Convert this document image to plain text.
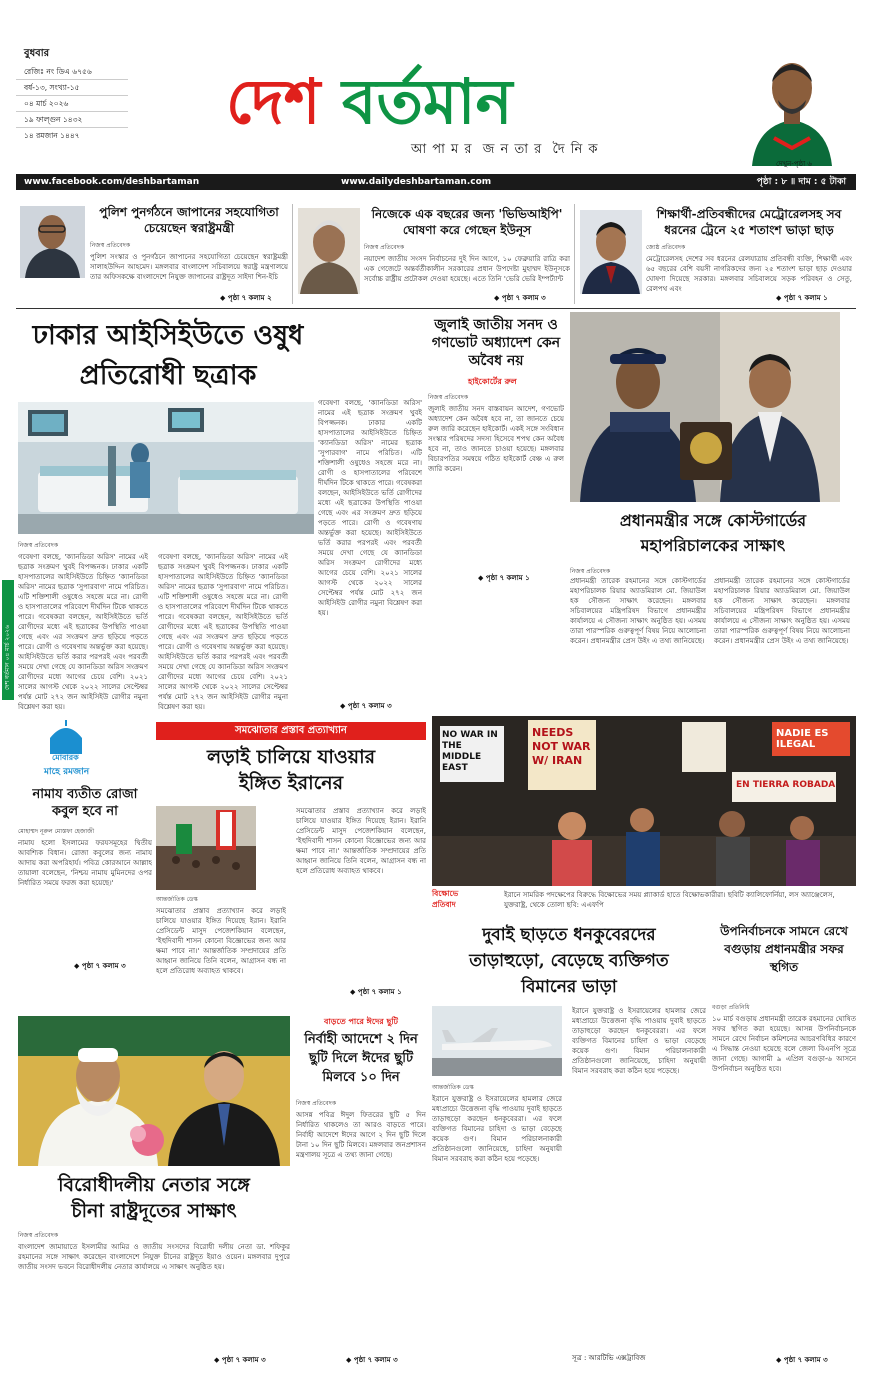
বুধবার
রেজিঃ নং ডিএ ৬৭৫৬
বর্ষ-১৩, সংখ্যা-১৫
০৪ মার্চ ২০২৬
১৯ ফাল্গুন ১৪৩২
১৪ রমজান ১৪৪৭	দেশ বর্তমান
আ পা ম র  জ ন তা র  দৈ নি ক
দেখুন-পৃষ্ঠা ৬
www.facebook.com/deshbartaman	www.dailydeshbartaman.com	পৃষ্ঠা : ৮ ॥ দাম : ৫ টাকা
পুলিশ পুনর্গঠনে জাপানের সহযোগিতা চেয়েছেন স্বরাষ্ট্রমন্ত্রী
নিজস্ব প্রতিবেদক
পুলিশ সংস্কার ও পুনর্গঠনে জাপানের সহযোগিতা চেয়েছেন স্বরাষ্ট্রমন্ত্রী সালাহউদ্দিন আহমেদ। মঙ্গলবার বাংলাদেশ সচিবালয়ে স্বরাষ্ট্র মন্ত্রণালয়ে তার অফিসকক্ষে বাংলাদেশে নিযুক্ত জাপানের রাষ্ট্রদূত সাইদা শিন-ইচি
◆ পৃষ্ঠা ৭ কলাম ২
নিজেকে এক বছরের জন্য 'ভিভিআইপি' ঘোষণা করে গেছেন ইউনূস
নিজস্ব প্রতিবেদক
নয়াদেশ জাতীয় সংসদ নির্বাচনের দুই দিন আগে, ১০ ফেব্রুয়ারি রাত্রি করা এক গেজেটে অন্তর্বর্তীকালীন সরকারের প্রধান উপদেষ্টা মুহাম্মদ ইউনূসকে সর্বোচ্চ রাষ্ট্রীয় প্রটোকল দেওয়া হয়েছে। এতে তিনি 'ভেরি ভেরি ইম্পর্ট্যান্ট
◆ পৃষ্ঠা ৭ কলাম ৩
শিক্ষার্থী-প্রতিবন্ধীদের মেট্রোরেলসহ সব ধরনের ট্রেনে ২৫ শতাংশ ভাড়া ছাড়
জ্যেষ্ঠ প্রতিবেদক
মেট্রোরেলসহ দেশের সব ধরনের রেলযাত্রায় প্রতিবন্ধী ব্যক্তি, শিক্ষার্থী এবং ৬৫ বছরের বেশি বয়সী নাগরিকদের জন্য ২৫ শতাংশ ভাড়া ছাড় দেওয়ার ঘোষণা দিয়েছে সরকার। মঙ্গলবার সচিবালয়ে সড়ক পরিবহন ও সেতু, রেলপথ এবং
◆ পৃষ্ঠা ৭ কলাম ১
ঢাকার আইসিইউতে ওষুধ
প্রতিরোধী ছত্রাক
নিজস্ব প্রতিবেদক
গবেষণা বলছে, 'ক্যানডিডা অরিস' নামের এই ছত্রাক সংক্রমণ খুবই বিপজ্জনক। ঢাকার একটি হাসপাতালের আইসিইউতে চিহ্নিত 'ক্যানডিডা অরিস' নামের ছত্রাক 'সুপারবাগ' নামে পরিচিত। এটি শক্তিশালী ওষুধেও সহজে মরে না। রোগী ও হাসপাতালের পরিবেশে দীর্ঘদিন টিকে থাকতে পারে। গবেষকরা বলছেন, আইসিইউতে ভর্তি রোগীদের মধ্যে এই ছত্রাকের উপস্থিতি পাওয়া গেছে এবং এর সংক্রমণ দ্রুত ছড়িয়ে পড়তে পারে। রোগী ও গবেষণায় অন্তর্ভুক্ত করা হয়েছে। আইসিইউতে ভর্তি করার পরপরই এবং পরবর্তী সময়ে দেখা গেছে যে ক্যানডিডা অরিস সংক্রমণ রোগীদের মধ্যে আগের চেয়ে বেশি। ২০২১ সালের আগস্ট থেকে ২০২২ সালের সেপ্টেম্বর পর্যন্ত মোট ২৭২ জন আইসিইউ রোগীর নমুনা বিশ্লেষণ করা হয়।
গবেষণা বলছে, 'ক্যানডিডা অরিস' নামের এই ছত্রাক সংক্রমণ খুবই বিপজ্জনক। ঢাকার একটি হাসপাতালের আইসিইউতে চিহ্নিত 'ক্যানডিডা অরিস' নামের ছত্রাক 'সুপারবাগ' নামে পরিচিত। এটি শক্তিশালী ওষুধেও সহজে মরে না। রোগী ও হাসপাতালের পরিবেশে দীর্ঘদিন টিকে থাকতে পারে। গবেষকরা বলছেন, আইসিইউতে ভর্তি রোগীদের মধ্যে এই ছত্রাকের উপস্থিতি পাওয়া গেছে এবং এর সংক্রমণ দ্রুত ছড়িয়ে পড়তে পারে। রোগী ও গবেষণায় অন্তর্ভুক্ত করা হয়েছে। আইসিইউতে ভর্তি করার পরপরই এবং পরবর্তী সময়ে দেখা গেছে যে ক্যানডিডা অরিস সংক্রমণ রোগীদের মধ্যে আগের চেয়ে বেশি। ২০২১ সালের আগস্ট থেকে ২০২২ সালের সেপ্টেম্বর পর্যন্ত মোট ২৭২ জন আইসিইউ রোগীর নমুনা বিশ্লেষণ করা হয়।
গবেষণা বলছে, 'ক্যানডিডা অরিস' নামের এই ছত্রাক সংক্রমণ খুবই বিপজ্জনক। ঢাকার একটি হাসপাতালের আইসিইউতে চিহ্নিত 'ক্যানডিডা অরিস' নামের ছত্রাক 'সুপারবাগ' নামে পরিচিত। এটি শক্তিশালী ওষুধেও সহজে মরে না। রোগী ও হাসপাতালের পরিবেশে দীর্ঘদিন টিকে থাকতে পারে। গবেষকরা বলছেন, আইসিইউতে ভর্তি রোগীদের মধ্যে এই ছত্রাকের উপস্থিতি পাওয়া গেছে এবং এর সংক্রমণ দ্রুত ছড়িয়ে পড়তে পারে। রোগী ও গবেষণায় অন্তর্ভুক্ত করা হয়েছে। আইসিইউতে ভর্তি করার পরপরই এবং পরবর্তী সময়ে দেখা গেছে যে ক্যানডিডা অরিস সংক্রমণ রোগীদের মধ্যে আগের চেয়ে বেশি। ২০২১ সালের আগস্ট থেকে ২০২২ সালের সেপ্টেম্বর পর্যন্ত মোট ২৭২ জন আইসিইউ রোগীর নমুনা বিশ্লেষণ করা হয়।
◆ পৃষ্ঠা ৭ কলাম ৩
জুলাই জাতীয় সনদ ও গণভোট অধ্যাদেশ কেন অবৈধ নয়
হাইকোর্টের রুল
নিজস্ব প্রতিবেদক
জুলাই জাতীয় সনদ বাস্তবায়ন আদেশ, গণভোট অধ্যাদেশ কেন অবৈধ হবে না, তা জানতে চেয়ে রুল জারি করেছেন হাইকোর্ট। একই সঙ্গে সংবিধান সংস্কার পরিষদের সদস্য হিসেবে শপথ কেন অবৈধ হবে না, তাও জানতে চাওয়া হয়েছে। মঙ্গলবার বিচারপতির সমন্বয়ে গঠিত হাইকোর্ট বেঞ্চ এ রুল জারি করেন।
◆ পৃষ্ঠা ৭ কলাম ১
প্রধানমন্ত্রীর সঙ্গে কোস্টগার্ডের
মহাপরিচালকের সাক্ষাৎ
নিজস্ব প্রতিবেদক
প্রধানমন্ত্রী তারেক রহমানের সঙ্গে কোস্টগার্ডের মহাপরিচালক রিয়ার অ্যাডমিরাল মো. জিয়াউল হক সৌজন্য সাক্ষাৎ করেছেন। মঙ্গলবার সচিবালয়ের মন্ত্রিপরিষদ বিভাগে প্রধানমন্ত্রীর কার্যালয়ে এ সৌজন্য সাক্ষাৎ অনুষ্ঠিত হয়। এসময় তারা পারস্পরিক গুরুত্বপূর্ণ বিষয় নিয়ে আলোচনা করেন। প্রধানমন্ত্রীর প্রেস উইং এ তথ্য জানিয়েছে।
প্রধানমন্ত্রী তারেক রহমানের সঙ্গে কোস্টগার্ডের মহাপরিচালক রিয়ার অ্যাডমিরাল মো. জিয়াউল হক সৌজন্য সাক্ষাৎ করেছেন। মঙ্গলবার সচিবালয়ের মন্ত্রিপরিষদ বিভাগে প্রধানমন্ত্রীর কার্যালয়ে এ সৌজন্য সাক্ষাৎ অনুষ্ঠিত হয়। এসময় তারা পারস্পরিক গুরুত্বপূর্ণ বিষয় নিয়ে আলোচনা করেন। প্রধানমন্ত্রীর প্রেস উইং এ তথ্য জানিয়েছে।
দেশ বর্তমান ০৪ মার্চ ২০২৬
মোবারক
মাহে রমজান
নামায ব্যতীত রোজা কবুল হবে না
মোহাম্মদ নূরুল মোস্তফা হেজাজী
নামায হলো ইসলামের ফরযসমূহের দ্বিতীয় আবশ্যিক বিধান। রোজা কবুলের জন্য নামায আদায় করা অপরিহার্য। পবিত্র কোরআনে আল্লাহ তায়ালা বলেছেন, 'নিশ্চয় নামায মুমিনদের ওপর নির্ধারিত সময়ে ফরজ করা হয়েছে।'
◆ পৃষ্ঠা ৭ কলাম ৩
সমঝোতার প্রস্তাব প্রত্যাখ্যান
লড়াই চালিয়ে যাওয়ার
ইঙ্গিত ইরানের
আন্তর্জাতিক ডেস্ক
সমঝোতার প্রস্তাব প্রত্যাখ্যান করে লড়াই চালিয়ে যাওয়ার ইঙ্গিত দিয়েছে ইরান। ইরানি প্রেসিডেন্ট মাসুদ পেজেশকিয়ান বলেছেন, 'ইহুদিবাদী শাসন কোনো বিজ্ঞোভের জন্য আর ক্ষমা পাবে না।' আন্তর্জাতিক সম্প্রদায়ের প্রতি আহ্বান জানিয়ে তিনি বলেন, আগ্রাসন বন্ধ না হলে প্রতিরোধ অব্যাহত থাকবে।
সমঝোতার প্রস্তাব প্রত্যাখ্যান করে লড়াই চালিয়ে যাওয়ার ইঙ্গিত দিয়েছে ইরান। ইরানি প্রেসিডেন্ট মাসুদ পেজেশকিয়ান বলেছেন, 'ইহুদিবাদী শাসন কোনো বিজ্ঞোভের জন্য আর ক্ষমা পাবে না।' আন্তর্জাতিক সম্প্রদায়ের প্রতি আহ্বান জানিয়ে তিনি বলেন, আগ্রাসন বন্ধ না হলে প্রতিরোধ অব্যাহত থাকবে।
◆ পৃষ্ঠা ৭ কলাম ১
NO WAR IN THE MIDDLE EAST
NEEDS NOT WAR W/ IRAN
NADIE ES ILEGAL
EN TIERRA ROBADA
বিক্ষোভে
প্রতিবাদ
ইরানে সামরিক পদক্ষেপের বিরুদ্ধে বিক্ষোভের সময় প্ল্যাকার্ড হাতে বিক্ষোভকারীরা। ছবিটি ক্যালিফোর্নিয়া, লস অ্যাঞ্জেলেস, যুক্তরাষ্ট্র, থেকে তোলা ছবি: এএফপি
দুবাই ছাড়তে ধনকুবেরদের
তাড়াহুড়ো, বেড়েছে ব্যক্তিগত
বিমানের ভাড়া
আন্তর্জাতিক ডেস্ক
ইরানে যুক্তরাষ্ট্র ও ইসরায়েলের হামলার জেরে মধ্যপ্রাচ্যে উত্তেজনা বৃদ্ধি পাওয়ায় দুবাই ছাড়তে তাড়াহুড়ো করছেন ধনকুবেররা। এর ফলে ব্যক্তিগত বিমানের চাহিদা ও ভাড়া বেড়েছে কয়েক গুণ। বিমান পরিচালনাকারী প্রতিষ্ঠানগুলো জানিয়েছে, চাহিদা অনুযায়ী বিমান সরবরাহ করা কঠিন হয়ে পড়েছে।
ইরানে যুক্তরাষ্ট্র ও ইসরায়েলের হামলার জেরে মধ্যপ্রাচ্যে উত্তেজনা বৃদ্ধি পাওয়ায় দুবাই ছাড়তে তাড়াহুড়ো করছেন ধনকুবেররা। এর ফলে ব্যক্তিগত বিমানের চাহিদা ও ভাড়া বেড়েছে কয়েক গুণ। বিমান পরিচালনাকারী প্রতিষ্ঠানগুলো জানিয়েছে, চাহিদা অনুযায়ী বিমান সরবরাহ করা কঠিন হয়ে পড়েছে।
সূত্র : আরটিভি এক্সট্রাবিজ
উপনির্বাচনকে সামনে রেখে বগুড়ায় প্রধানমন্ত্রীর সফর স্থগিত
বগুড়া প্রতিনিধি
১০ মার্চ বগুড়ায় প্রধানমন্ত্রী তারেক রহমানের ঘোষিত সফর স্থগিত করা হয়েছে। আসন্ন উপনির্বাচনকে সামনে রেখে নির্বাচন কমিশনের আচরণবিধির কারণে এ সিদ্ধান্ত নেওয়া হয়েছে বলে জেলা বিএনপি সূত্রে জানা গেছে। আগামী ৯ এপ্রিল বগুড়া-৬ আসনে উপনির্বাচন অনুষ্ঠিত হবে।
◆ পৃষ্ঠা ৭ কলাম ৩
বিরোধীদলীয় নেতার সঙ্গে
চীনা রাষ্ট্রদূতের সাক্ষাৎ
নিজস্ব প্রতিবেদক
বাংলাদেশ জামায়াতে ইসলামীর আমির ও জাতীয় সংসদের বিরোধী দলীয় নেতা ডা. শফিকুর রহমানের সঙ্গে সাক্ষাৎ করেছেন বাংলাদেশে নিযুক্ত চীনের রাষ্ট্রদূত ইয়াও ওয়েন। মঙ্গলবার দুপুরে জাতীয় সংসদ ভবনে বিরোধীদলীয় নেতার কার্যালয়ে এ সাক্ষাৎ অনুষ্ঠিত হয়।
◆ পৃষ্ঠা ৭ কলাম ৩
বাড়তে পারে ঈদের ছুটি
নির্বাহী আদেশে ২ দিন
ছুটি দিলে ঈদের ছুটি
মিলবে ১০ দিন
নিজস্ব প্রতিবেদক
আসন্ন পবিত্র ঈদুল ফিতরের ছুটি ৫ দিন নির্ধারিত থাকলেও তা আরও বাড়তে পারে। নির্বাহী আদেশে ঈদের আগে ২ দিন ছুটি দিলে টানা ১০ দিন ছুটি মিলবে। মঙ্গলবার জনপ্রশাসন মন্ত্রণালয় সূত্রে এ তথ্য জানা গেছে।
◆ পৃষ্ঠা ৭ কলাম ৩
